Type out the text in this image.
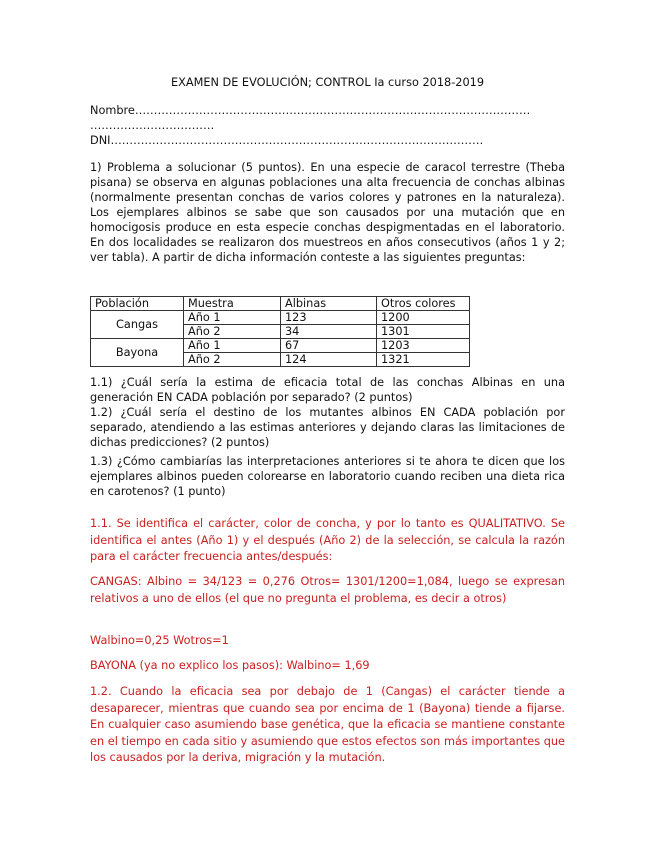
EXAMEN DE EVOLUCIÓN; CONTROL Ia curso 2018-2019

Nombre……………………………………………………………………………………………
……………………………
DNI………………………………………………………………………………………

1) Problema a solucionar (5 puntos). En una especie de caracol terrestre (Theba pisana) se observa en algunas poblaciones una alta frecuencia de conchas albinas (normalmente presentan conchas de varios colores y patrones en la naturaleza). Los ejemplares albinos se sabe que son causados por una mutación que en homocigosis produce en esta especie conchas despigmentadas en el laboratorio. En dos localidades se realizaron dos muestreos en años consecutivos (años 1 y 2; ver tabla). A partir de dicha información conteste a las siguientes preguntas:

Población	Muestra	Albinas	Otros colores
Cangas	Año 1	123	1200
	Año 2	34	1301
Bayona	Año 1	67	1203
	Año 2	124	1321

1.1) ¿Cuál sería la estima de eficacia total de las conchas Albinas en una generación EN CADA población por separado? (2 puntos)

1.2) ¿Cuál sería el destino de los mutantes albinos EN CADA población por separado, atendiendo a las estimas anteriores y dejando claras las limitaciones de dichas predicciones? (2 puntos)

1.3) ¿Cómo cambiarías las interpretaciones anteriores si te ahora te dicen que los ejemplares albinos pueden colorearse en laboratorio cuando reciben una dieta rica en carotenos? (1 punto)

1.1. Se identifica el carácter, color de concha, y por lo tanto es QUALITATIVO. Se identifica el antes (Año 1) y el después (Año 2) de la selección, se calcula la razón para el carácter frecuencia antes/después:

CANGAS: Albino = 34/123 = 0,276 Otros= 1301/1200=1,084, luego se expresan relativos a uno de ellos (el que no pregunta el problema, es decir a otros)

Walbino=0,25 Wotros=1

BAYONA (ya no explico los pasos): Walbino= 1,69

1.2. Cuando la eficacia sea por debajo de 1 (Cangas) el carácter tiende a desaparecer, mientras que cuando sea por encima de 1 (Bayona) tiende a fijarse. En cualquier caso asumiendo base genética, que la eficacia se mantiene constante en el tiempo en cada sitio y asumiendo que estos efectos son más importantes que los causados por la deriva, migración y la mutación.
